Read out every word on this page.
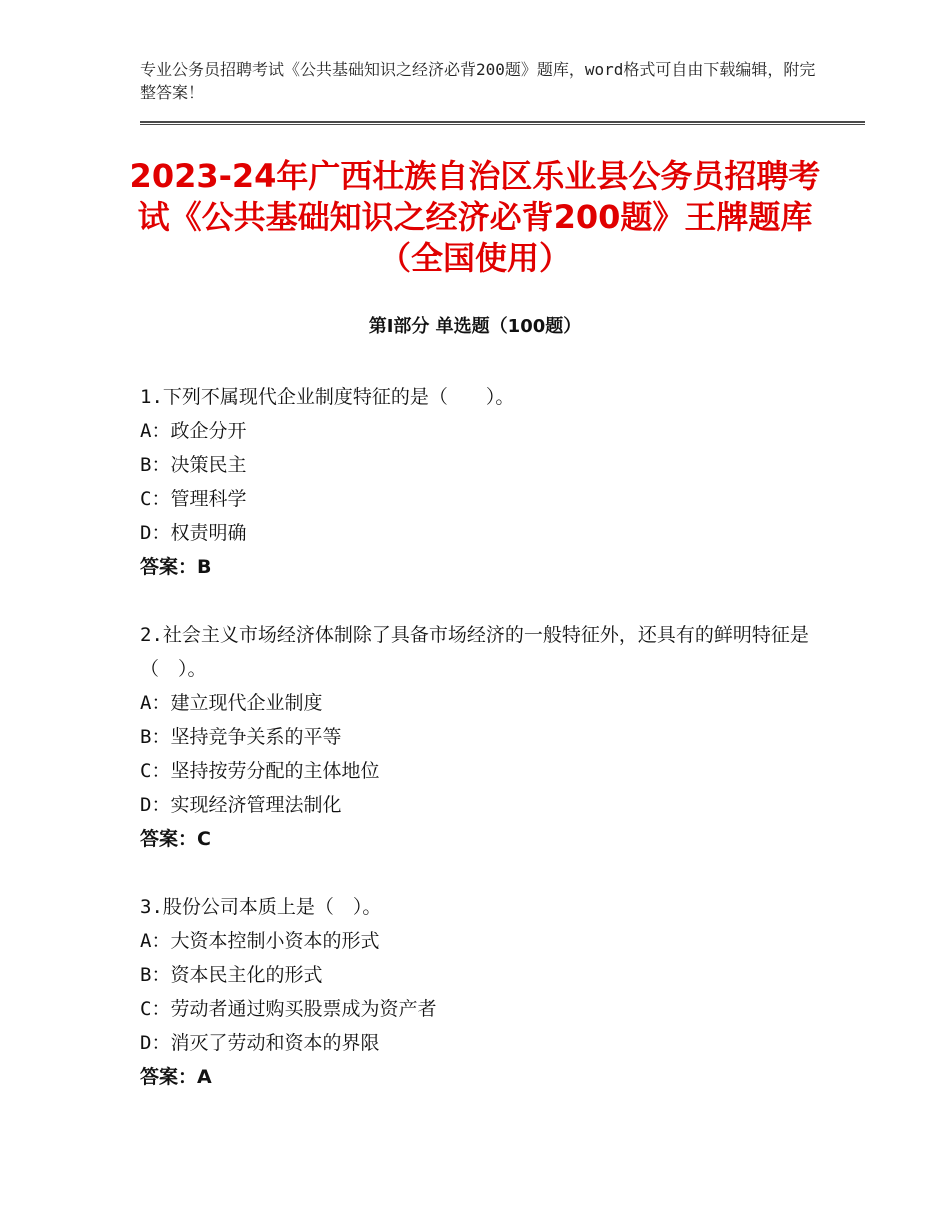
专业公务员招聘考试《公共基础知识之经济必背200题》题库，word格式可自由下载编辑，附完整答案！
2023-24年广西壮族自治区乐业县公务员招聘考试《公共基础知识之经济必背200题》王牌题库（全国使用）
第Ⅰ部分 单选题（100题）
1.下列不属现代企业制度特征的是（　　）。
A：政企分开
B：决策民主
C：管理科学
D：权责明确
答案：B
2.社会主义市场经济体制除了具备市场经济的一般特征外，还具有的鲜明特征是（　）。
A：建立现代企业制度
B：坚持竞争关系的平等
C：坚持按劳分配的主体地位
D：实现经济管理法制化
答案：C
3.股份公司本质上是（　）。
A：大资本控制小资本的形式
B：资本民主化的形式
C：劳动者通过购买股票成为资产者
D：消灭了劳动和资本的界限
答案：A
